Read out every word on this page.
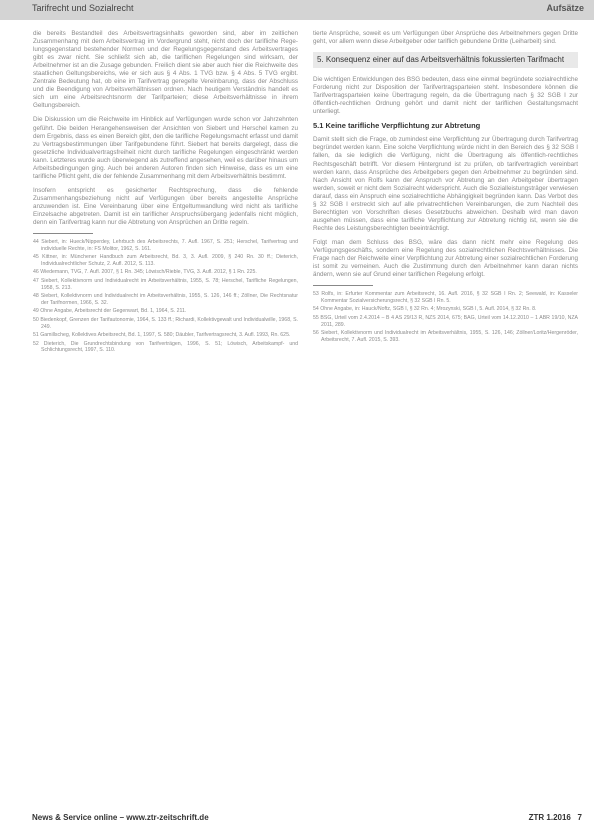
Tarifrecht und Sozialrecht	Aufsätze

die bereits Bestandteil des Arbeitsvertragsinhalts geworden sind, aber im zeitlichen Zusammenhang mit dem Arbeitsvertrag im Vordergrund steht, nicht doch der tarifliche Regelungsgegenstand bestehender Normen und der Regelungsgegenstand des Arbeitsvertrages gibt es zwar nicht. Sie schließt sich ab, die tariflichen Regelungen sind wirksam, der Arbeitnehmer ist an die Zusage gebunden. Freilich dient sie aber auch hier die Reichweite des staatlichen Geltungsbereichs, wie er sich aus § 4 Abs. 1 TVG bzw. § 4 Abs. 5 TVG ergibt. Zentrale Bedeutung hat, ob eine im Tarifvertrag geregelte Vereinbarung, dass der Abschluss und die Beendigung von Arbeitsverhältnissen ordnen. Nach heutigem Verständnis handelt es sich um eine Arbeitsrechtsnorm der Tarifparteien; diese Arbeitsverhältnisse in ihrem Geltungsbereich.

Die Diskussion um die Reichweite im Hinblick auf Verfügungen wurde schon vor Jahrzehnten geführt. Die beiden Herangehensweisen der Ansichten von Siebert und Herschel kamen zu dem Ergebnis, dass es einen Bereich gibt, den die tarifliche Regelungsmacht erfasst und damit zu Vertragsbestimmungen über Tarifgebundene führt. Siebert hat bereits dargelegt, dass die gesetzliche Individualvertragsfreiheit nicht durch tarifliche Regelungen eingeschränkt werden kann. Letzteres wurde auch überwiegend als zutreffend angesehen, weil es darüber hinaus um Arbeitsbedingungen ging. Auch bei anderen Autoren finden sich Hinweise, dass es um eine tarifliche Pflicht geht, die der fehlende Zusammenhang mit dem Arbeitsverhältnis bestimmt.

Insofern entspricht es gesicherter Rechtsprechung, dass die fehlende Zusammenhangsbeziehung nicht auf Verfügungen über bereits angestellte Ansprüche anzuwenden ist. Eine Vereinbarung über eine Entgeltumwandlung wird nicht als tarifliche Einzelsache abgetreten. Damit ist ein tariflicher Anspruchsübergang jedenfalls nicht möglich, denn ein Tarifvertrag kann nur die Abtretung von Ansprüchen an Dritte regeln.

44 Siebert, in: Hueck/Nipperdey, Lehrbuch des Arbeitsrechts, 7. Aufl. 1967, S. 251; Herschel, Tarifvertrag und individuelle Rechte, in: FS Molitor, 1962, S. 161.
45 Kittner, in: Münchener Handbuch zum Arbeitsrecht, Bd. 3, 3. Aufl. 2009, § 240 Rn. 30 ff.; Dieterich, Individualrechtlicher Schutz, 2. Aufl. 2012, S. 113.
46 Wiedemann, TVG, 7. Aufl. 2007, § 1 Rn. 345; Löwisch/Rieble, TVG, 3. Aufl. 2012, § 1 Rn. 225.
47 Siebert, Kollektivnorm und Individualrecht im Arbeitsverhältnis, 1955, S. 78; Herschel, Tarifliche Regelungen, 1958, S. 213.
48 Siebert, Kollektivnorm und Individualrecht im Arbeitsverhältnis, 1955, S. 126, 146 ff.; Zöllner, Die Rechtsnatur der Tarifnormen, 1966, S. 32.
49 Ohne Angabe, Arbeitsrecht der Gegenwart, Bd. 1, 1964, S. 211.
50 Biedenkopf, Grenzen der Tarifautonomie, 1964, S. 133 ff.; Richardi, Kollektivgewalt und Individualwille, 1968, S. 249.
51 Gamillscheg, Kollektives Arbeitsrecht, Bd. 1, 1997, S. 580; Däubler, Tarifvertragsrecht, 3. Aufl. 1993, Rn. 625.
52 Dieterich, Die Grundrechtsbindung von Tarifverträgen, 1996, S. 51; Löwisch, Arbeitskampf- und Schlichtungsrecht, 1997, S. 110.

tierte Ansprüche, soweit es um Verfügungen über Ansprüche des Arbeitnehmers gegen Dritte geht, vor allem wenn diese Arbeitgeber oder tariflich gebundene Dritte (Leiharbeit) sind.

5. Konsequenz einer auf das Arbeitsverhältnis fokussierten Tarifmacht

Die wichtigen Entwicklungen des BSG bedeuten, dass eine einmal begründete sozialrechtliche Forderung nicht zur Disposition der Tarifvertragsparteien steht. Insbesondere können die Tarifvertragsparteien keine Übertragung regeln, da die Übertragung nach § 32 SGB I zur öffentlich-rechtlichen Ordnung gehört und damit nicht der tariflichen Gestaltungsmacht unterliegt.

5.1 Keine tarifliche Verpflichtung zur Abtretung

Damit stellt sich die Frage, ob zumindest eine Verpflichtung zur Übertragung durch Tarifvertrag begründet werden kann. Eine solche Verpflichtung würde nicht in den Bereich des § 32 SGB I fallen, da sie lediglich die Verfügung, nicht die Übertragung als öffentlich-rechtliches Rechtsgeschäft betrifft. Vor diesem Hintergrund ist zu prüfen, ob tarifvertraglich vereinbart werden kann, dass Ansprüche des Arbeitgebers gegen den Arbeitnehmer zu begründen sind. Nach Ansicht von Rolfs kann der Anspruch vor Abtretung an den Arbeitgeber übertragen werden, soweit er nicht dem Sozialrecht widerspricht. Auch die Sozialleistungsträger verwiesen darauf, dass ein Anspruch eine sozialrechtliche Abhängigkeit begründen kann. Das Verbot des § 32 SGB I erstreckt sich auf alle privatrechtlichen Vereinbarungen, die zum Nachteil des Berechtigten von Vorschriften dieses Gesetzbuchs abweichen. Deshalb wird man davon ausgehen müssen, dass eine tarifliche Verpflichtung zur Abtretung nichtig ist, wenn sie die Rechte des Leistungsberechtigten beeinträchtigt.

Folgt man dem Schluss des BSG, wäre das dann nicht mehr eine Regelung des Verfügungsgeschäfts, sondern eine Regelung des sozialrechtlichen Rechtsverhältnisses. Die Frage nach der Reichweite einer Verpflichtung zur Abtretung einer sozialrechtlichen Forderung ist somit zu verneinen. Auch die Zustimmung durch den Arbeitnehmer kann daran nichts ändern, wenn sie auf Grund einer tariflichen Regelung erfolgt.

53 Rolfs, in: Erfurter Kommentar zum Arbeitsrecht, 16. Aufl. 2016, § 32 SGB I Rn. 2; Seewald, in: Kasseler Kommentar Sozialversicherungsrecht, § 32 SGB I Rn. 5.
54 Ohne Angabe, in: Hauck/Noftz, SGB I, § 32 Rn. 4; Mrozynski, SGB I, 5. Aufl. 2014, § 32 Rn. 8.
55 BSG, Urteil vom 2.4.2014 – B 4 AS 29/13 R, NZS 2014, 675; BAG, Urteil vom 14.12.2010 – 1 ABR 19/10, NZA 2011, 289.
56 Siebert, Kollektivnorm und Individualrecht im Arbeitsverhältnis, 1955, S. 126, 146; Zöllner/Loritz/Hergenröder, Arbeitsrecht, 7. Aufl. 2015, S. 393.
News & Service online – www.ztr-zeitschrift.de	ZTR 1.2016 7
